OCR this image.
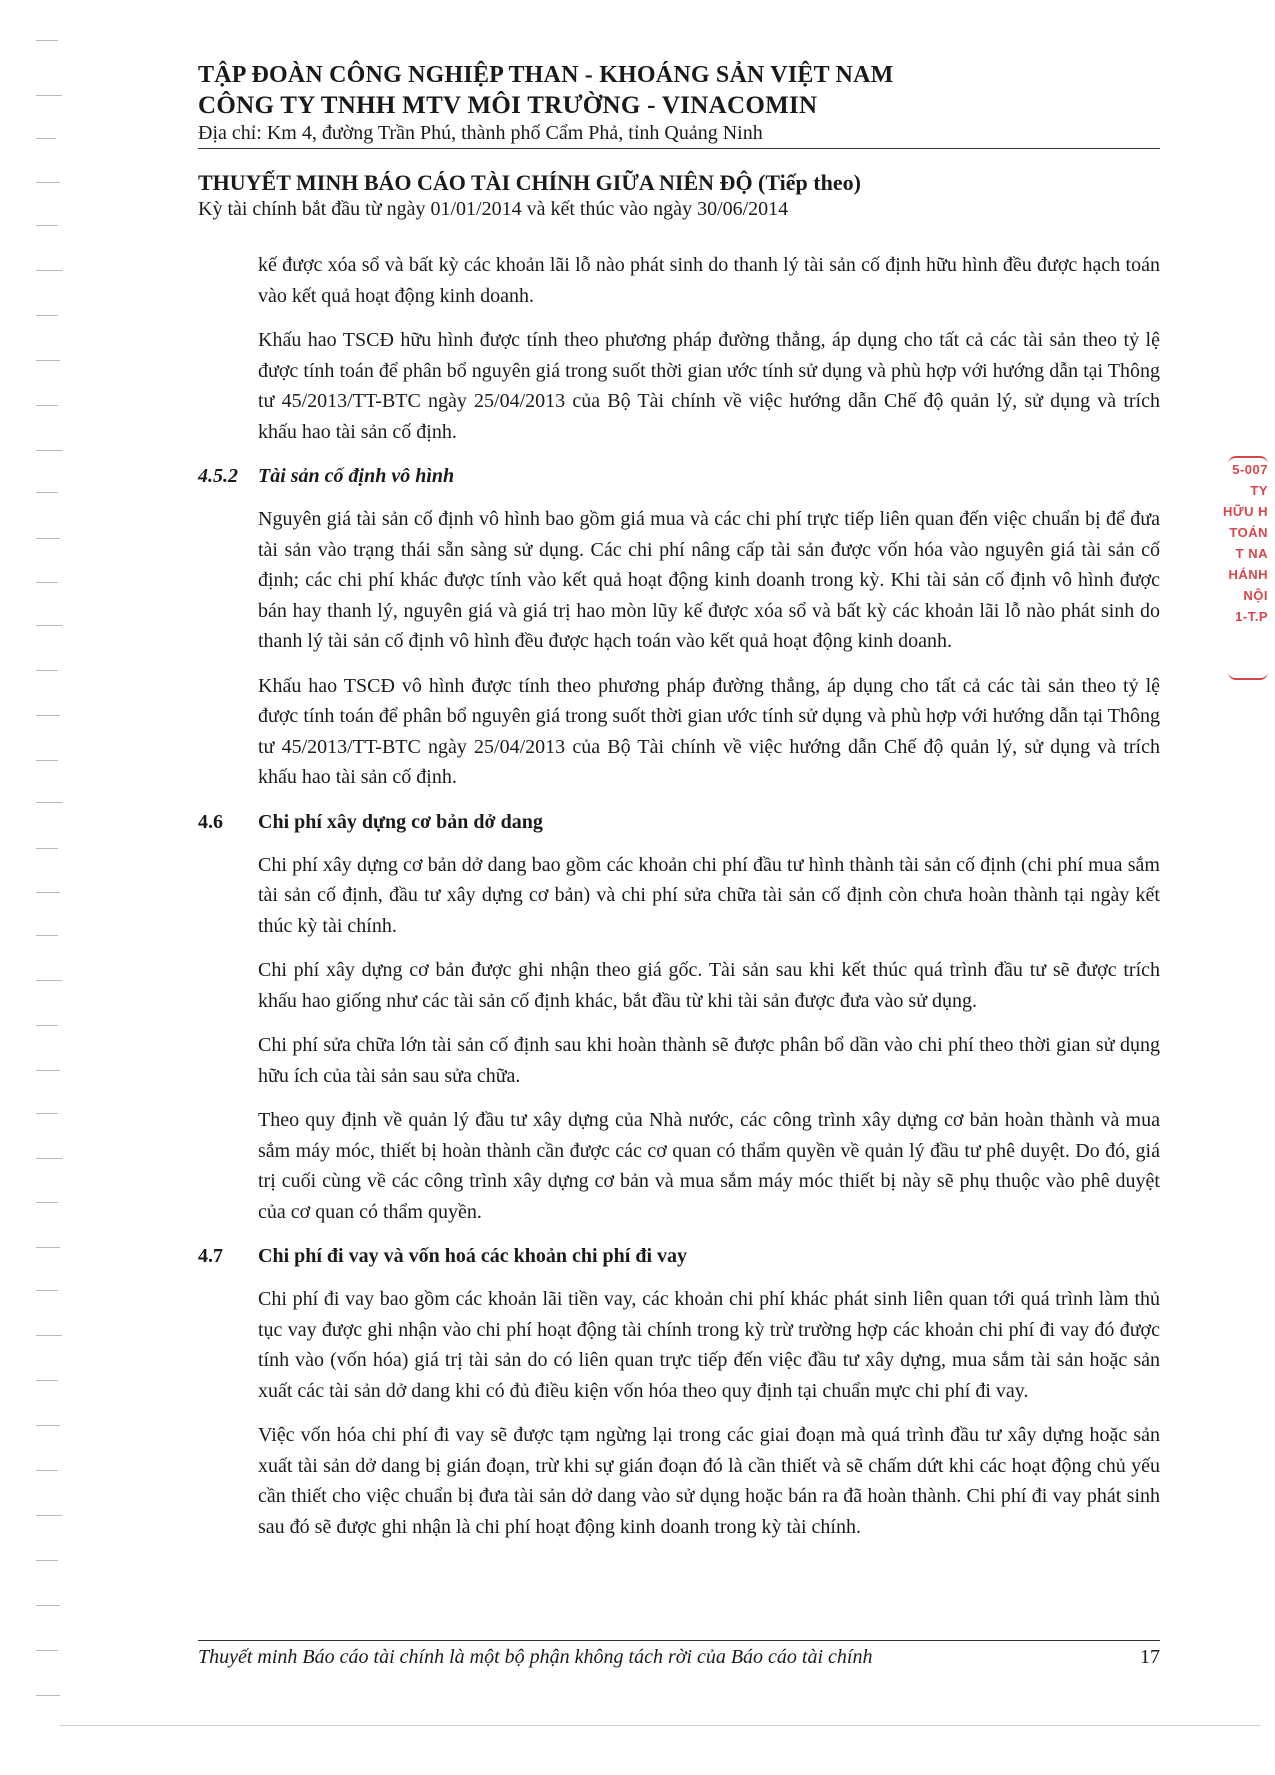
TẬP ĐOÀN CÔNG NGHIỆP THAN - KHOÁNG SẢN VIỆT NAM
CÔNG TY TNHH MTV MÔI TRƯỜNG - VINACOMIN
Địa chỉ: Km 4, đường Trần Phú, thành phố Cẩm Phả, tỉnh Quảng Ninh
THUYẾT MINH BÁO CÁO TÀI CHÍNH GIỮA NIÊN ĐỘ (Tiếp theo)
Kỳ tài chính bắt đầu từ ngày 01/01/2014 và kết thúc vào ngày 30/06/2014

kế được xóa sổ và bất kỳ các khoản lãi lỗ nào phát sinh do thanh lý tài sản cố định hữu hình đều được hạch toán vào kết quả hoạt động kinh doanh.

Khấu hao TSCĐ hữu hình được tính theo phương pháp đường thẳng, áp dụng cho tất cả các tài sản theo tỷ lệ được tính toán để phân bổ nguyên giá trong suốt thời gian ước tính sử dụng và phù hợp với hướng dẫn tại Thông tư 45/2013/TT-BTC ngày 25/04/2013 của Bộ Tài chính về việc hướng dẫn Chế độ quản lý, sử dụng và trích khấu hao tài sản cố định.

4.5.2	Tài sản cố định vô hình

Nguyên giá tài sản cố định vô hình bao gồm giá mua và các chi phí trực tiếp liên quan đến việc chuẩn bị để đưa tài sản vào trạng thái sẵn sàng sử dụng. Các chi phí nâng cấp tài sản được vốn hóa vào nguyên giá tài sản cố định; các chi phí khác được tính vào kết quả hoạt động kinh doanh trong kỳ. Khi tài sản cố định vô hình được bán hay thanh lý, nguyên giá và giá trị hao mòn lũy kế được xóa sổ và bất kỳ các khoản lãi lỗ nào phát sinh do thanh lý tài sản cố định vô hình đều được hạch toán vào kết quả hoạt động kinh doanh.

Khấu hao TSCĐ vô hình được tính theo phương pháp đường thẳng, áp dụng cho tất cả các tài sản theo tỷ lệ được tính toán để phân bổ nguyên giá trong suốt thời gian ước tính sử dụng và phù hợp với hướng dẫn tại Thông tư 45/2013/TT-BTC ngày 25/04/2013 của Bộ Tài chính về việc hướng dẫn Chế độ quản lý, sử dụng và trích khấu hao tài sản cố định.

4.6	Chi phí xây dựng cơ bản dở dang

Chi phí xây dựng cơ bản dở dang bao gồm các khoản chi phí đầu tư hình thành tài sản cố định (chi phí mua sắm tài sản cố định, đầu tư xây dựng cơ bản) và chi phí sửa chữa tài sản cố định còn chưa hoàn thành tại ngày kết thúc kỳ tài chính.

Chi phí xây dựng cơ bản được ghi nhận theo giá gốc. Tài sản sau khi kết thúc quá trình đầu tư sẽ được trích khấu hao giống như các tài sản cố định khác, bắt đầu từ khi tài sản được đưa vào sử dụng.

Chi phí sửa chữa lớn tài sản cố định sau khi hoàn thành sẽ được phân bổ dần vào chi phí theo thời gian sử dụng hữu ích của tài sản sau sửa chữa.

Theo quy định về quản lý đầu tư xây dựng của Nhà nước, các công trình xây dựng cơ bản hoàn thành và mua sắm máy móc, thiết bị hoàn thành cần được các cơ quan có thẩm quyền về quản lý đầu tư phê duyệt. Do đó, giá trị cuối cùng về các công trình xây dựng cơ bản và mua sắm máy móc thiết bị này sẽ phụ thuộc vào phê duyệt của cơ quan có thẩm quyền.

4.7	Chi phí đi vay và vốn hoá các khoản chi phí đi vay

Chi phí đi vay bao gồm các khoản lãi tiền vay, các khoản chi phí khác phát sinh liên quan tới quá trình làm thủ tục vay được ghi nhận vào chi phí hoạt động tài chính trong kỳ trừ trường hợp các khoản chi phí đi vay đó được tính vào (vốn hóa) giá trị tài sản do có liên quan trực tiếp đến việc đầu tư xây dựng, mua sắm tài sản hoặc sản xuất các tài sản dở dang khi có đủ điều kiện vốn hóa theo quy định tại chuẩn mực chi phí đi vay.

Việc vốn hóa chi phí đi vay sẽ được tạm ngừng lại trong các giai đoạn mà quá trình đầu tư xây dựng hoặc sản xuất tài sản dở dang bị gián đoạn, trừ khi sự gián đoạn đó là cần thiết và sẽ chấm dứt khi các hoạt động chủ yếu cần thiết cho việc chuẩn bị đưa tài sản dở dang vào sử dụng hoặc bán ra đã hoàn thành. Chi phí đi vay phát sinh sau đó sẽ được ghi nhận là chi phí hoạt động kinh doanh trong kỳ tài chính.

Thuyết minh Báo cáo tài chính là một bộ phận không tách rời của Báo cáo tài chính	17
5-007
TY
HỮU H
TOÁN
T NA
HÁNH
NỘI
1-T.P
